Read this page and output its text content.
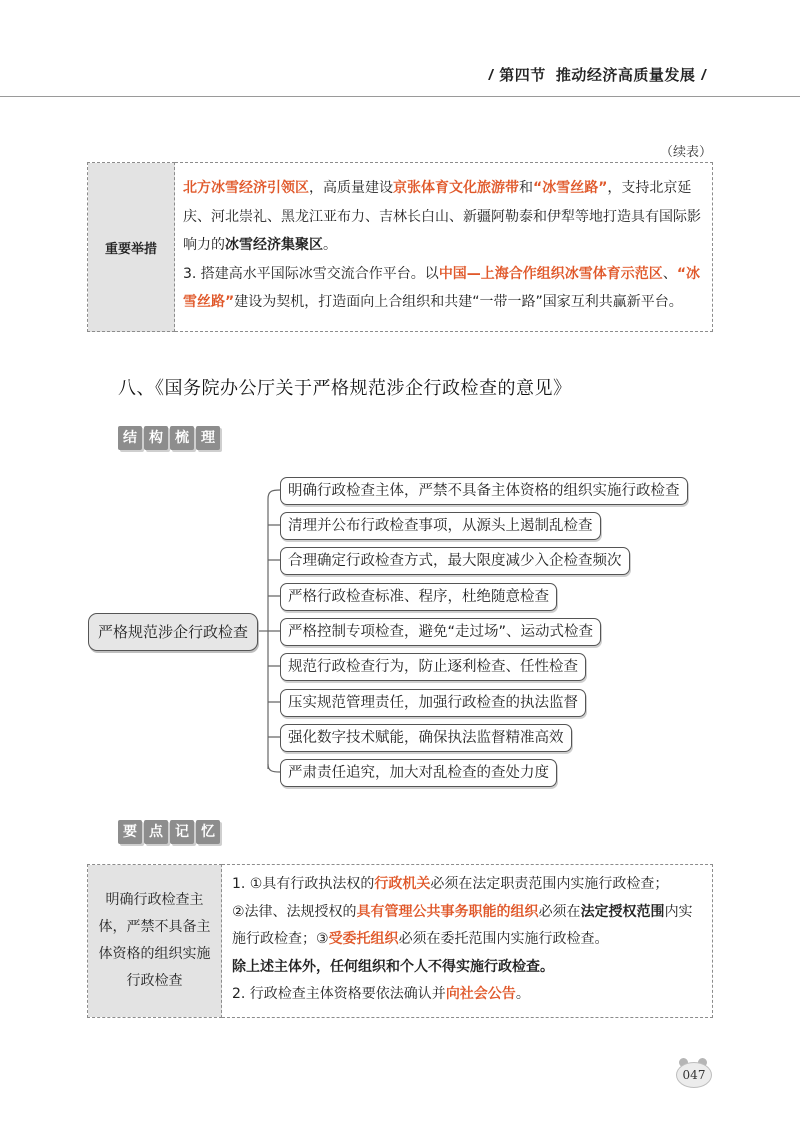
/ 第四节 推动经济高质量发展 /
（续表）
重要举措	
北方冰雪经济引领区，高质量建设京张体育文化旅游带和“冰雪丝路”，支持北京延庆、河北崇礼、黑龙江亚布力、吉林长白山、新疆阿勒泰和伊犁等地打造具有国际影响力的冰雪经济集聚区。
3. 搭建高水平国际冰雪交流合作平台。以中国—上海合作组织冰雪体育示范区、“冰雪丝路”建设为契机，打造面向上合组织和共建“一带一路”国家互利共赢新平台。
八、《国务院办公厅关于严格规范涉企行政检查的意见》
结 构 梳 理
严格规范涉企行政检查
明确行政检查主体，严禁不具备主体资格的组织实施行政检查
清理并公布行政检查事项，从源头上遏制乱检查
合理确定行政检查方式，最大限度减少入企检查频次
严格行政检查标准、程序，杜绝随意检查
严格控制专项检查，避免“走过场”、运动式检查
规范行政检查行为，防止逐利检查、任性检查
压实规范管理责任，加强行政检查的执法监督
强化数字技术赋能，确保执法监督精准高效
严肃责任追究，加大对乱检查的查处力度
要 点 记 忆
明确行政检查主体，严禁不具备主体资格的组织实施行政检查	
1. ①具有行政执法权的行政机关必须在法定职责范围内实施行政检查；
②法律、法规授权的具有管理公共事务职能的组织必须在法定授权范围内实施行政检查；③受委托组织必须在委托范围内实施行政检查。
除上述主体外，任何组织和个人不得实施行政检查。
2. 行政检查主体资格要依法确认并向社会公告。
047
